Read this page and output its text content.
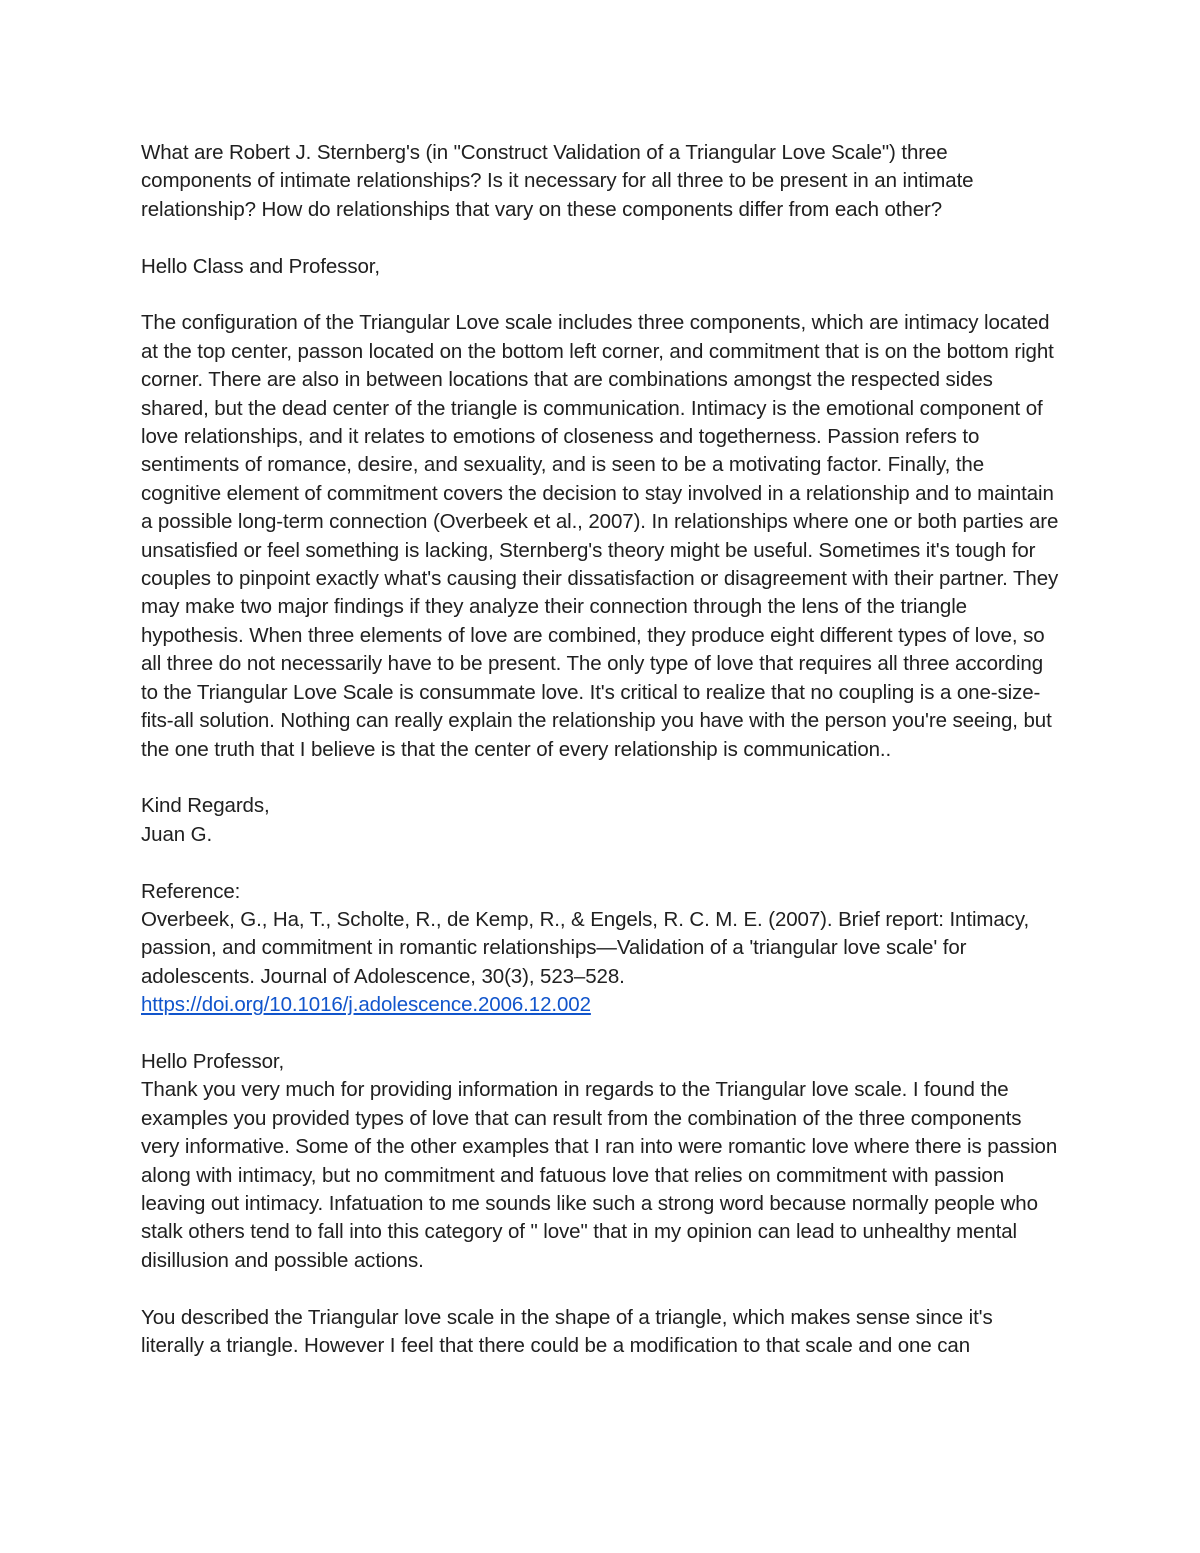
What are Robert J. Sternberg's (in "Construct Validation of a Triangular Love Scale") three components of intimate relationships? Is it necessary for all three to be present in an intimate relationship? How do relationships that vary on these components differ from each other?

Hello Class and Professor,

The configuration of the Triangular Love scale includes three components, which are intimacy located at the top center, passon located on the bottom left corner, and commitment that is on the bottom right corner. There are also in between locations that are combinations amongst the respected sides shared, but the dead center of the triangle is communication. Intimacy is the emotional component of love relationships, and it relates to emotions of closeness and togetherness. Passion refers to sentiments of romance, desire, and sexuality, and is seen to be a motivating factor. Finally, the cognitive element of commitment covers the decision to stay involved in a relationship and to maintain a possible long-term connection (Overbeek et al., 2007). In relationships where one or both parties are unsatisfied or feel something is lacking, Sternberg's theory might be useful. Sometimes it's tough for couples to pinpoint exactly what's causing their dissatisfaction or disagreement with their partner. They may make two major findings if they analyze their connection through the lens of the triangle hypothesis. When three elements of love are combined, they produce eight different types of love, so all three do not necessarily have to be present. The only type of love that requires all three according to the Triangular Love Scale is consummate love. It's critical to realize that no coupling is a one-size-fits-all solution. Nothing can really explain the relationship you have with the person you're seeing, but the one truth that I believe is that the center of every relationship is communication..

Kind Regards,

Juan G.

Reference:

Overbeek, G., Ha, T., Scholte, R., de Kemp, R., & Engels, R. C. M. E. (2007). Brief report: Intimacy, passion, and commitment in romantic relationships—Validation of a 'triangular love scale' for adolescents. Journal of Adolescence, 30(3), 523–528.

https://doi.org/10.1016/j.adolescence.2006.12.002

Hello Professor,

Thank you very much for providing information in regards to the Triangular love scale. I found the examples you provided types of love that can result from the combination of the three components very informative. Some of the other examples that I ran into were romantic love where there is passion along with intimacy, but no commitment and fatuous love that relies on commitment with passion leaving out intimacy. Infatuation to me sounds like such a strong word because normally people who stalk others tend to fall into this category of " love" that in my opinion can lead to unhealthy mental disillusion and possible actions.

You described the Triangular love scale in the shape of a triangle, which makes sense since it's literally a triangle. However I feel that there could be a modification to that scale and one can
